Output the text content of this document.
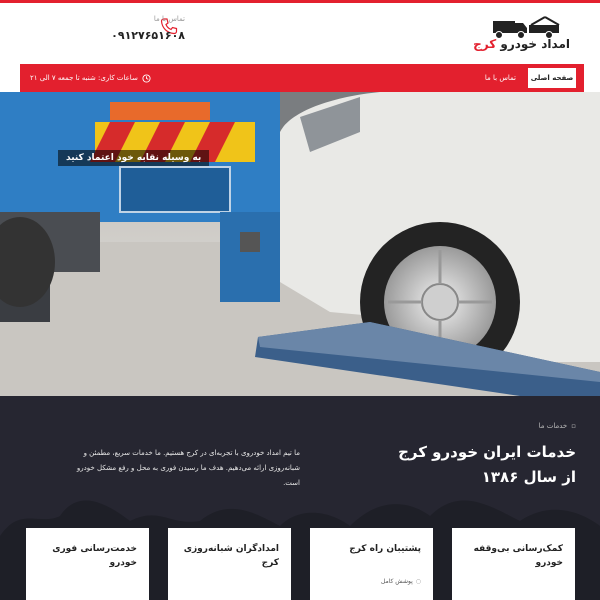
امداد خودرو کرج
تماس با ما
۰۹۱۲۷۶۵۱۶۰۸
صفحه اصلی
تماس با ما
ساعات کاری: شنبه تا جمعه ۷ الی ۲۱
به وسیله نقابه خود اعتماد کنید
▫
خدمات ما
خدمات ایران خودرو کرج
از سال ۱۳۸۶
ما تیم امداد خودروی با تجربه‌ای در کرج هستیم. ما خدمات سریع، مطمئن و شبانه‌روزی ارائه می‌دهیم. هدف ما رسیدن فوری به محل و رفع مشکل خودرو است.
کمک‌رسانی بی‌وقفه خودرو
پشتیبان راه کرج
○
پوشش کامل
امدادگران شبانه‌روزی کرج
خدمت‌رسانی فوری خودرو
